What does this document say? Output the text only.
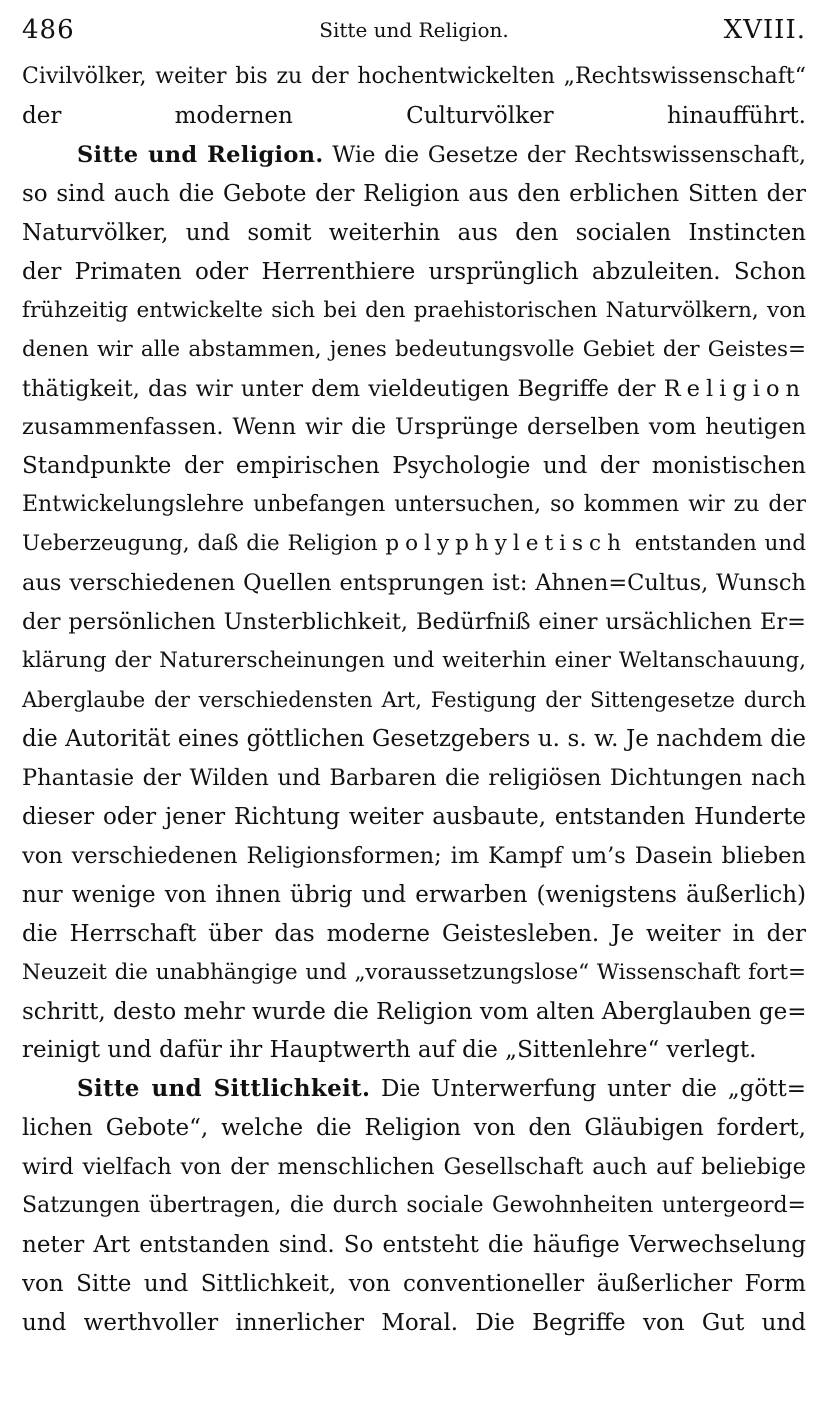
486	Sitte und Religion.	XVIII.
Civilvölker, weiter bis zu der hochentwickelten „Rechtswissenschaft“
der modernen Culturvölker hinaufführt.
Sitte und Religion. Wie die Gesetze der Rechtswissenschaft,
so sind auch die Gebote der Religion aus den erblichen Sitten der
Naturvölker, und somit weiterhin aus den socialen Instincten
der Primaten oder Herrenthiere ursprünglich abzuleiten. Schon
frühzeitig entwickelte sich bei den praehistorischen Naturvölkern, von
denen wir alle abstammen, jenes bedeutungsvolle Gebiet der Geistes=
thätigkeit, das wir unter dem vieldeutigen Begriffe der Religion
zusammenfassen. Wenn wir die Ursprünge derselben vom heutigen
Standpunkte der empirischen Psychologie und der monistischen
Entwickelungslehre unbefangen untersuchen, so kommen wir zu der
Ueberzeugung, daß die Religion polyphyletisch entstanden und
aus verschiedenen Quellen entsprungen ist: Ahnen=Cultus, Wunsch
der persönlichen Unsterblichkeit, Bedürfniß einer ursächlichen Er=
klärung der Naturerscheinungen und weiterhin einer Weltanschauung,
Aberglaube der verschiedensten Art, Festigung der Sittengesetze durch
die Autorität eines göttlichen Gesetzgebers u. s. w. Je nachdem die
Phantasie der Wilden und Barbaren die religiösen Dichtungen nach
dieser oder jener Richtung weiter ausbaute, entstanden Hunderte
von verschiedenen Religionsformen; im Kampf um’s Dasein blieben
nur wenige von ihnen übrig und erwarben (wenigstens äußerlich)
die Herrschaft über das moderne Geistesleben. Je weiter in der
Neuzeit die unabhängige und „voraussetzungslose“ Wissenschaft fort=
schritt, desto mehr wurde die Religion vom alten Aberglauben ge=
reinigt und dafür ihr Hauptwerth auf die „Sittenlehre“ verlegt.
Sitte und Sittlichkeit. Die Unterwerfung unter die „gött=
lichen Gebote“, welche die Religion von den Gläubigen fordert,
wird vielfach von der menschlichen Gesellschaft auch auf beliebige
Satzungen übertragen, die durch sociale Gewohnheiten untergeord=
neter Art entstanden sind. So entsteht die häufige Verwechselung
von Sitte und Sittlichkeit, von conventioneller äußerlicher Form
und werthvoller innerlicher Moral. Die Begriffe von Gut und
